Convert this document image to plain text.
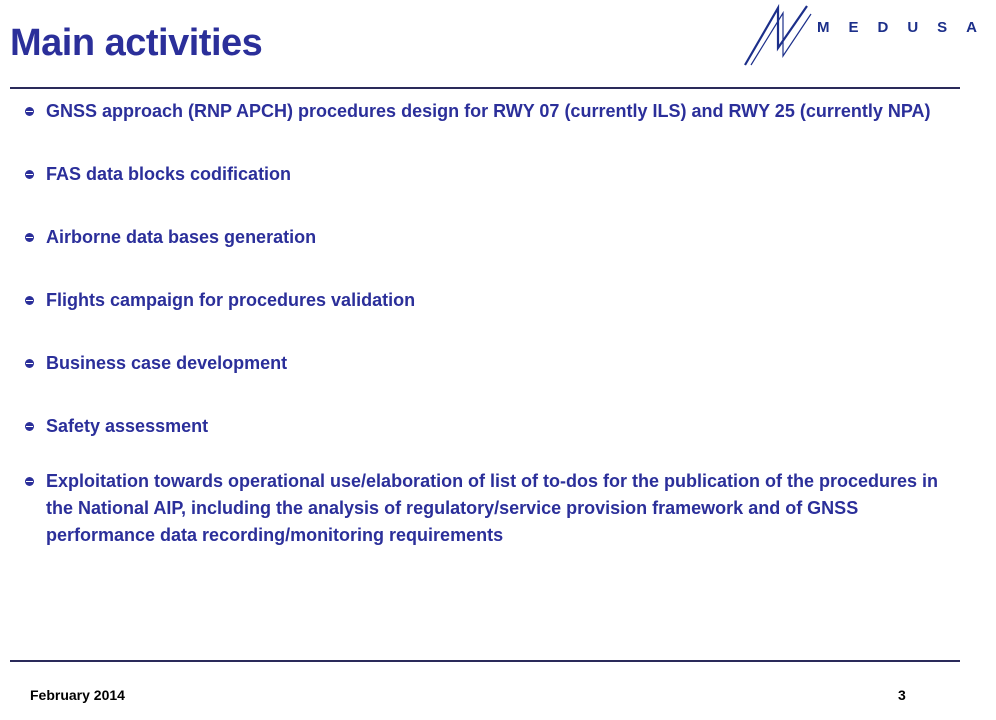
Main activities	MEDUSA
GNSS approach (RNP APCH) procedures design for RWY 07 (currently ILS) and RWY 25 (currently NPA)
FAS data blocks codification
Airborne data bases generation
Flights campaign for procedures validation
Business case development
Safety assessment
Exploitation towards operational use/elaboration of list of to-dos for the publication of the procedures in the National AIP, including the analysis of regulatory/service provision framework and of GNSS performance data recording/monitoring requirements
February 2014	3
